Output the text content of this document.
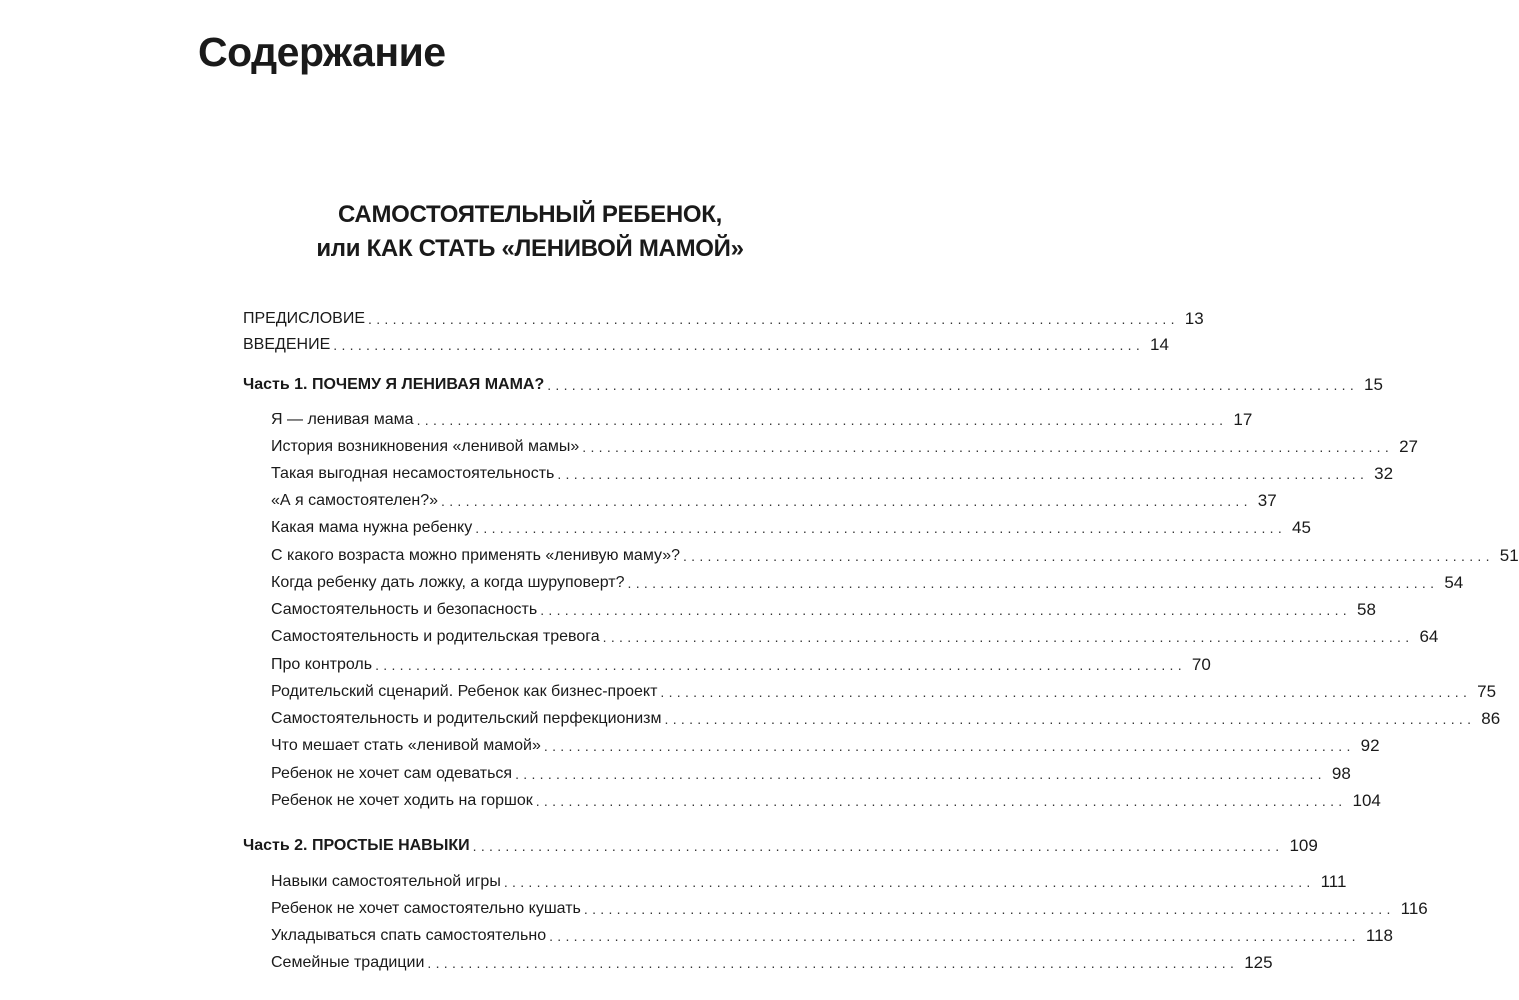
Содержание
САМОСТОЯТЕЛЬНЫЙ РЕБЕНОК,
или КАК СТАТЬ «ЛЕНИВОЙ МАМОЙ»
ПРЕДИСЛОВИЕ ................................................................................................... 13
ВВЕДЕНИЕ ................................................................................................... 14
Часть 1. ПОЧЕМУ Я ЛЕНИВАЯ МАМА? ................................................................................................... 15
Я — ленивая мама ................................................................................................... 17
История возникновения «ленивой мамы» ................................................................................................... 27
Такая выгодная несамостоятельность ................................................................................................... 32
«А я самостоятелен?» ................................................................................................... 37
Какая мама нужна ребенку ................................................................................................... 45
С какого возраста можно применять «ленивую маму»? ................................................................................................... 51
Когда ребенку дать ложку, а когда шуруповерт? ................................................................................................... 54
Самостоятельность и безопасность ................................................................................................... 58
Самостоятельность и родительская тревога ................................................................................................... 64
Про контроль ................................................................................................... 70
Родительский сценарий. Ребенок как бизнес-проект ................................................................................................... 75
Самостоятельность и родительский перфекционизм ................................................................................................... 86
Что мешает стать «ленивой мамой» ................................................................................................... 92
Ребенок не хочет сам одеваться ................................................................................................... 98
Ребенок не хочет ходить на горшок ................................................................................................... 104
Часть 2. ПРОСТЫЕ НАВЫКИ ................................................................................................... 109
Навыки самостоятельной игры ................................................................................................... 111
Ребенок не хочет самостоятельно кушать ................................................................................................... 116
Укладываться спать самостоятельно ................................................................................................... 118
Семейные традиции ................................................................................................... 125
